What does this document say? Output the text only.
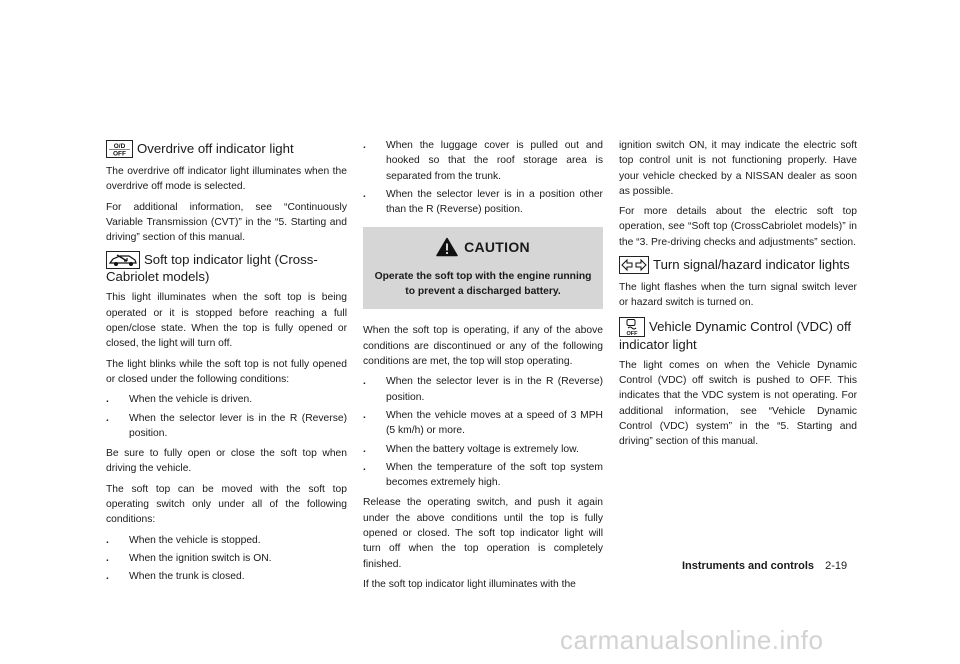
O/D
OFF Overdrive off indicator light

The overdrive off indicator light illuminates when the overdrive off mode is selected.

For additional information, see “Continuously Variable Transmission (CVT)” in the “5. Starting and driving” section of this manual.

Soft top indicator light (Cross-Cabriolet models)

This light illuminates when the soft top is being operated or it is stopped before reaching a full open/close state. When the top is fully opened or closed, the light will turn off.

The light blinks while the soft top is not fully opened or closed under the following conditions:

. When the vehicle is driven.
. When the selector lever is in the R (Reverse) position.

Be sure to fully open or close the soft top when driving the vehicle.

The soft top can be moved with the soft top operating switch only under all of the following conditions:

. When the vehicle is stopped.
. When the ignition switch is ON.
. When the trunk is closed.
. When the luggage cover is pulled out and hooked so that the roof storage area is separated from the trunk.
. When the selector lever is in a position other than the R (Reverse) position.
CAUTION
Operate the soft top with the engine running to prevent a discharged battery.

When the soft top is operating, if any of the above conditions are discontinued or any of the following conditions are met, the top will stop operating.

. When the selector lever is in the R (Reverse) position.
. When the vehicle moves at a speed of 3 MPH (5 km/h) or more.
. When the battery voltage is extremely low.
. When the temperature of the soft top system becomes extremely high.

Release the operating switch, and push it again under the above conditions until the top is fully opened or closed. The soft top indicator light will turn off when the top operation is completely finished.

If the soft top indicator light illuminates with the

ignition switch ON, it may indicate the electric soft top control unit is not functioning properly. Have your vehicle checked by a NISSAN dealer as soon as possible.

For more details about the electric soft top operation, see “Soft top (CrossCabriolet models)” in the “3. Pre-driving checks and adjustments” section.

Turn signal/hazard indicator lights

The light flashes when the turn signal switch lever or hazard switch is turned on.

OFF Vehicle Dynamic Control (VDC) off indicator light

The light comes on when the Vehicle Dynamic Control (VDC) off switch is pushed to OFF. This indicates that the VDC system is not operating. For additional information, see “Vehicle Dynamic Control (VDC) system” in the “5. Starting and driving” section of this manual.

Instruments and controls 2-19
carmanualsonline.info
